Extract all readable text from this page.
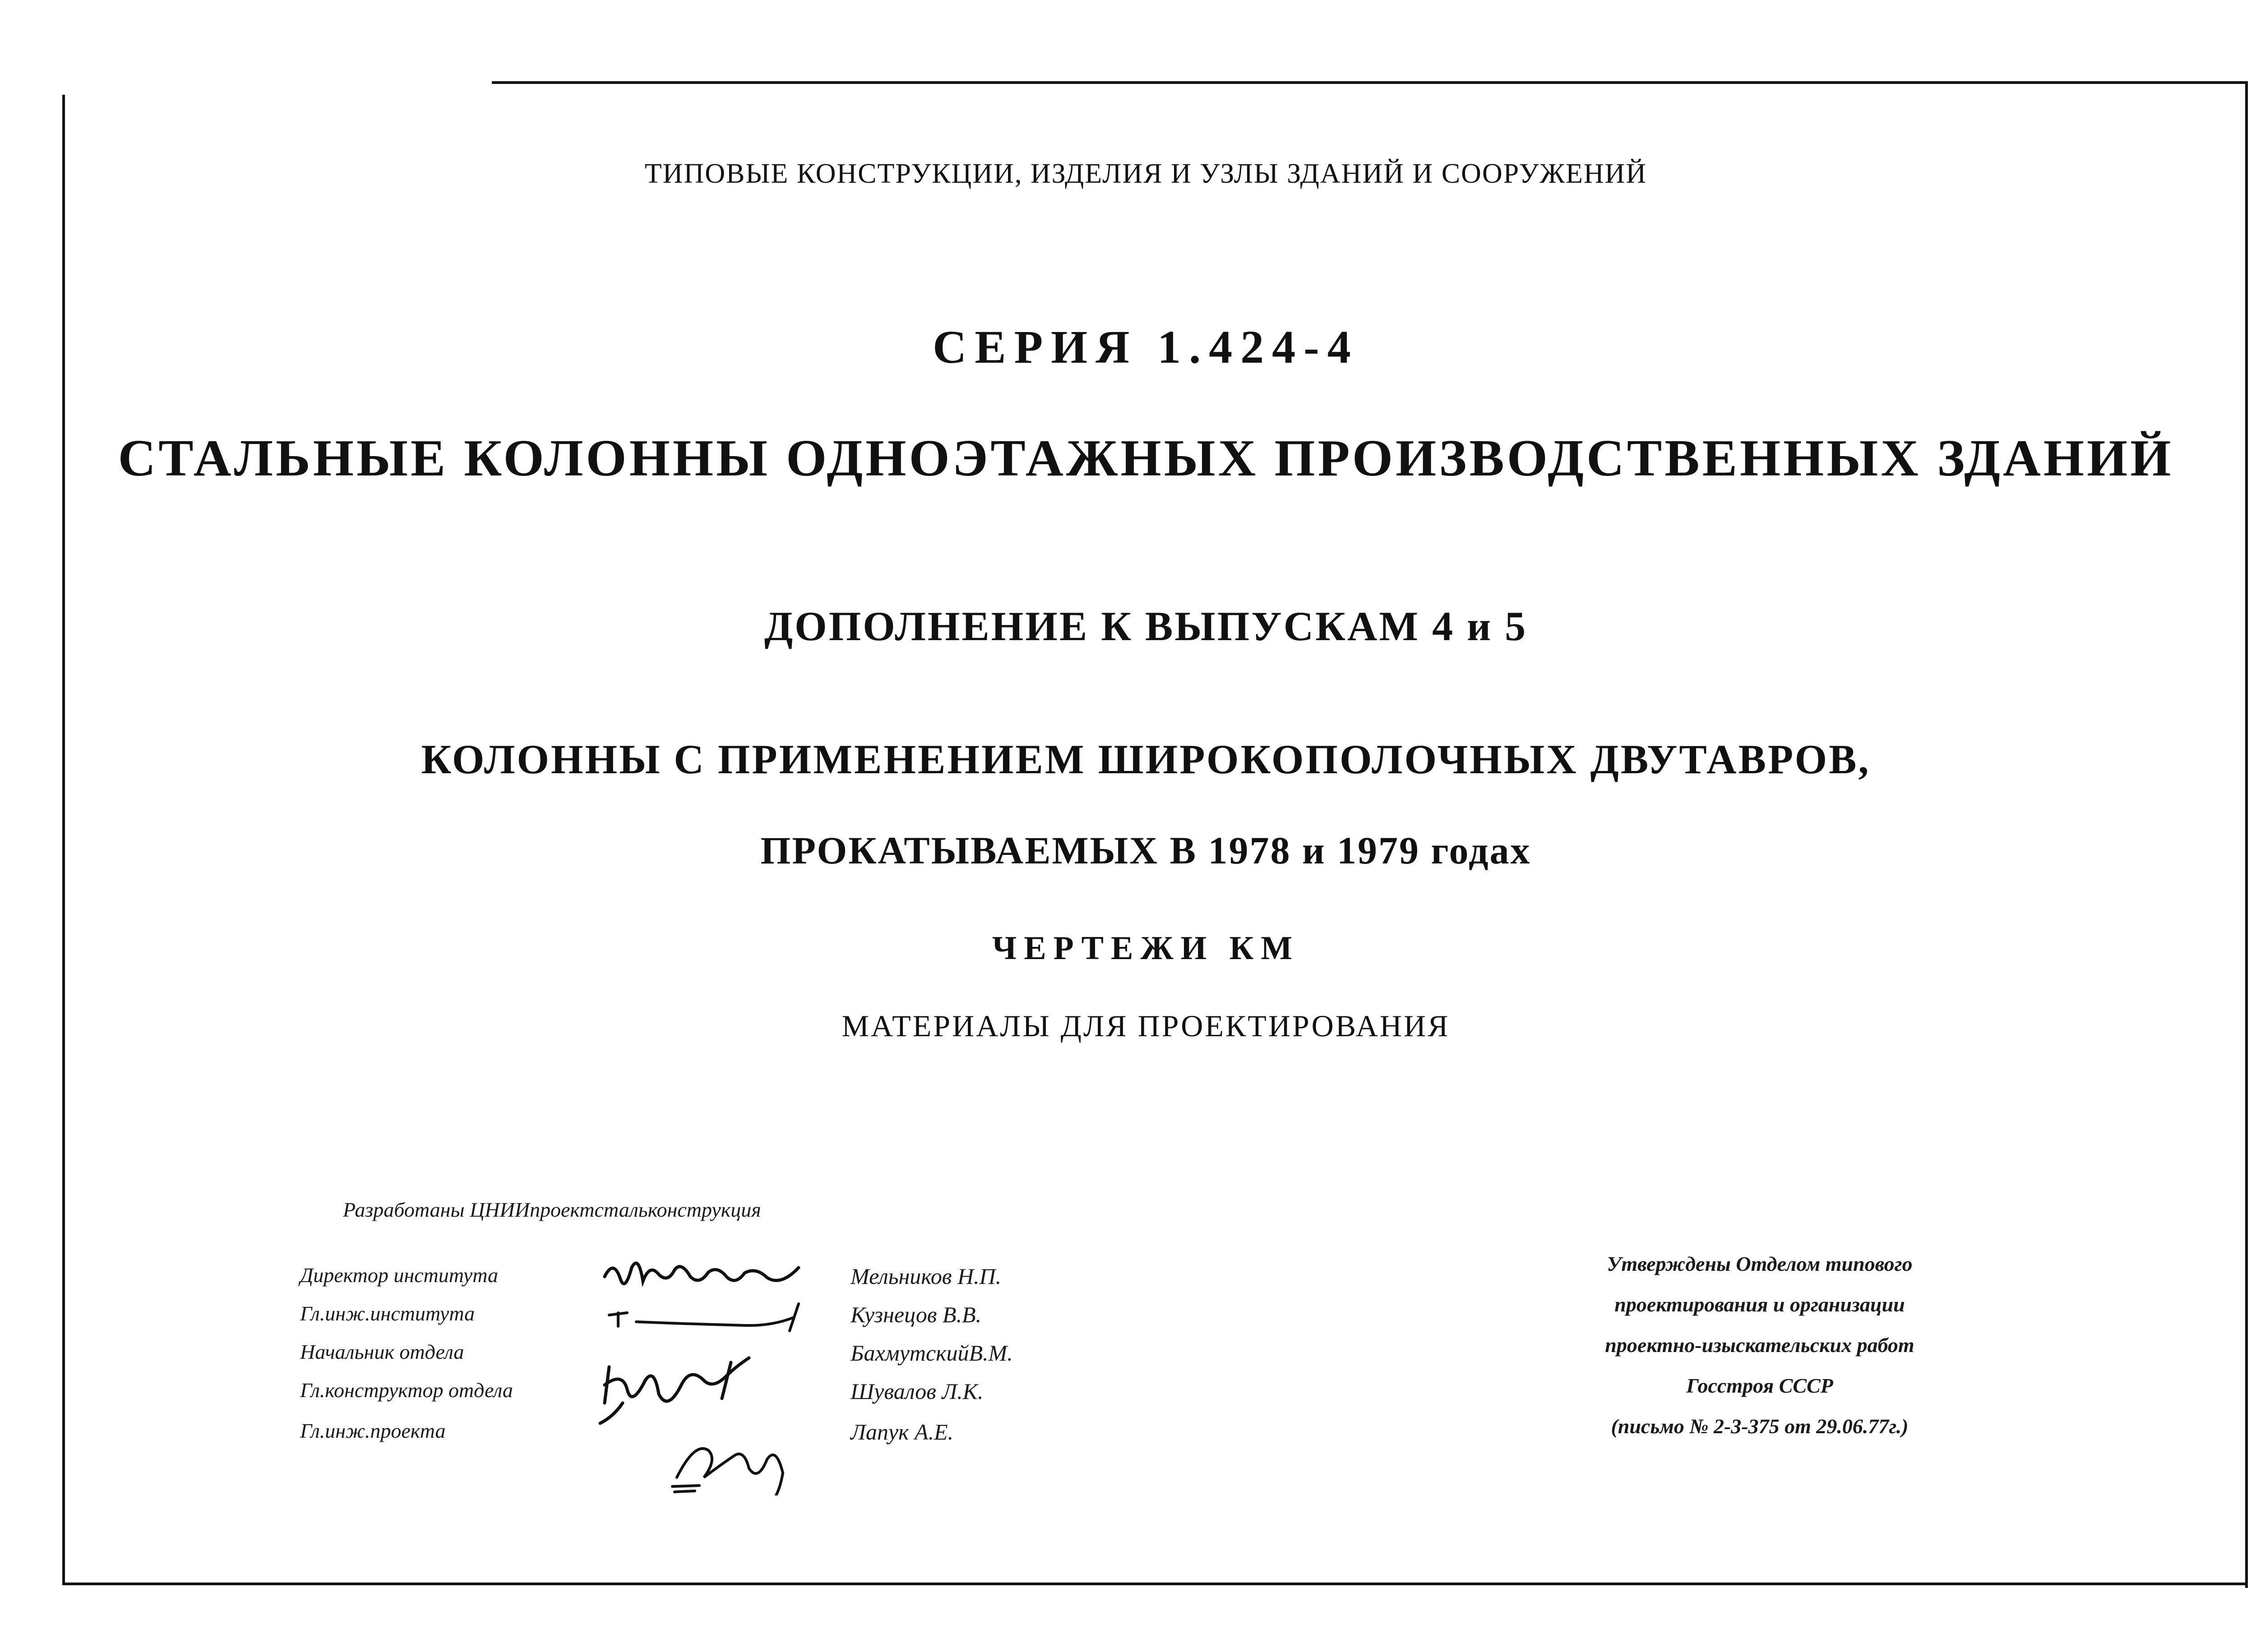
ТИПОВЫЕ КОНСТРУКЦИИ, ИЗДЕЛИЯ И УЗЛЫ ЗДАНИЙ И СООРУЖЕНИЙ
СЕРИЯ 1.424-4
СТАЛЬНЫЕ КОЛОННЫ ОДНОЭТАЖНЫХ ПРОИЗВОДСТВЕННЫХ ЗДАНИЙ
ДОПОЛНЕНИЕ К ВЫПУСКАМ 4 и 5
КОЛОННЫ С ПРИМЕНЕНИЕМ ШИРОКОПОЛОЧНЫХ ДВУТАВРОВ,
ПРОКАТЫВАЕМЫХ В 1978 и 1979 годах
ЧЕРТЕЖИ КМ
МАТЕРИАЛЫ ДЛЯ ПРОЕКТИРОВАНИЯ
Разработаны ЦНИИпроектстальконструкция
Директор института
Гл.инж.института
Начальник отдела
Гл.конструктор отдела
Гл.инж.проекта
Мельников Н.П.
Кузнецов В.В.
БахмутскийВ.М.
Шувалов Л.К.
Лапук А.Е.
Утверждены Отделом типового
проектирования и организации
проектно-изыскательских работ
Госстроя СССР
(письмо № 2-3-375 от 29.06.77г.)
